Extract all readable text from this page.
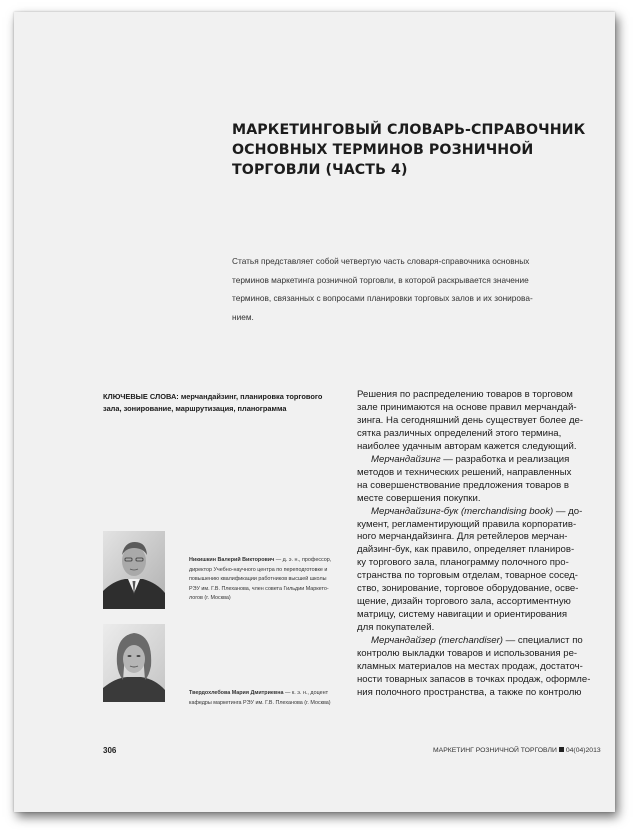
МАРКЕТИНГОВЫЙ СЛОВАРЬ-СПРАВОЧНИК
ОСНОВНЫХ ТЕРМИНОВ РОЗНИЧНОЙ
ТОРГОВЛИ (ЧАСТЬ 4)

Статья представляет собой четвертую часть словаря-справочника основных
терминов маркетинга розничной торговли, в которой раскрывается значение
терминов, связанных с вопросами планировки торговых залов и их зонирова-
нием.

КЛЮЧЕВЫЕ СЛОВА: мерчандайзинг, планировка торгового
зала, зонирование, маршрутизация, планограмма

Никишкин Валерий Викторович — д. э. н., профессор,
директор Учебно-научного центра по переподготовке и
повышению квалификации работников высшей школы
РЭУ им. Г.В. Плеханова, член совета Гильдии Маркето-
логов (г. Москва)

Твердохлебова Мария Дмитриевна — к. э. н., доцент
кафедры маркетинга РЭУ им. Г.В. Плеханова (г. Москва)

Решения по распределению товаров в торговом
зале принимаются на основе правил мерчандай-
зинга. На сегодняшний день существует более де-
сятка различных определений этого термина,
наиболее удачным авторам кажется следующий.
Мерчандайзинг — разработка и реализация
методов и технических решений, направленных
на совершенствование предложения товаров в
месте совершения покупки.
Мерчандайзинг-бук (merchandising book) — до-
кумент, регламентирующий правила корпоратив-
ного мерчандайзинга. Для ретейлеров мерчан-
дайзинг-бук, как правило, определяет планиров-
ку торгового зала, планограмму полочного про-
странства по торговым отделам, товарное сосед-
ство, зонирование, торговое оборудование, осве-
щение, дизайн торгового зала, ассортиментную
матрицу, систему навигации и ориентирования
для покупателей.
Мерчандайзер (merchandiser) — специалист по
контролю выкладки товаров и использования ре-
кламных материалов на местах продаж, достаточ-
ности товарных запасов в точках продаж, оформле-
ния полочного пространства, а также по контролю

306	МАРКЕТИНГ РОЗНИЧНОЙ ТОРГОВЛИ 04(04)2013
